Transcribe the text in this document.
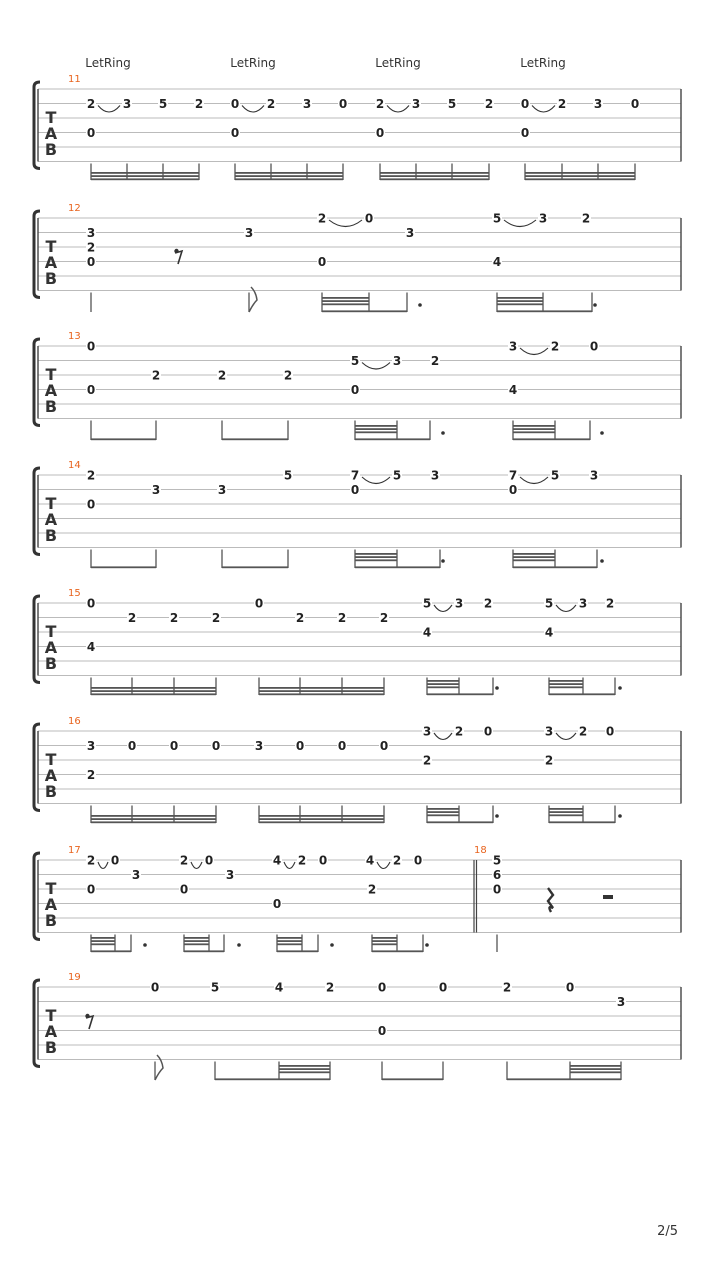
2/5
T
A
B
11
LetRing	LetRing	LetRing	LetRing
2 3 5 2
0
0 2 3 0
0
2 3 5 2
0
0 2 3 0
0
T
A
B
12
3
2
0
3
2	0
3
0
5	3	2
4
T
A
B
13
0
0
2	2	2
5	3 2
0
3	2	0
4
T
A
B
14
2
0
3	3
5	7	5 3
0
7	5	3
0
T
A
B
15
0
4
2	2	2
0
2	2	2
5 3 2
4
5 3 2
4
T
A
B
16
3
2
0	0	0	3	0	0	0
3 2 0
2
3 2 0
2
T
A
B
17	18
2 0
3
0
2 0
3
0
4 2 0
0
4 2 0
2
5
6
0
T
A
B
19
0	5	4	2	0
0
0	2	0
3
